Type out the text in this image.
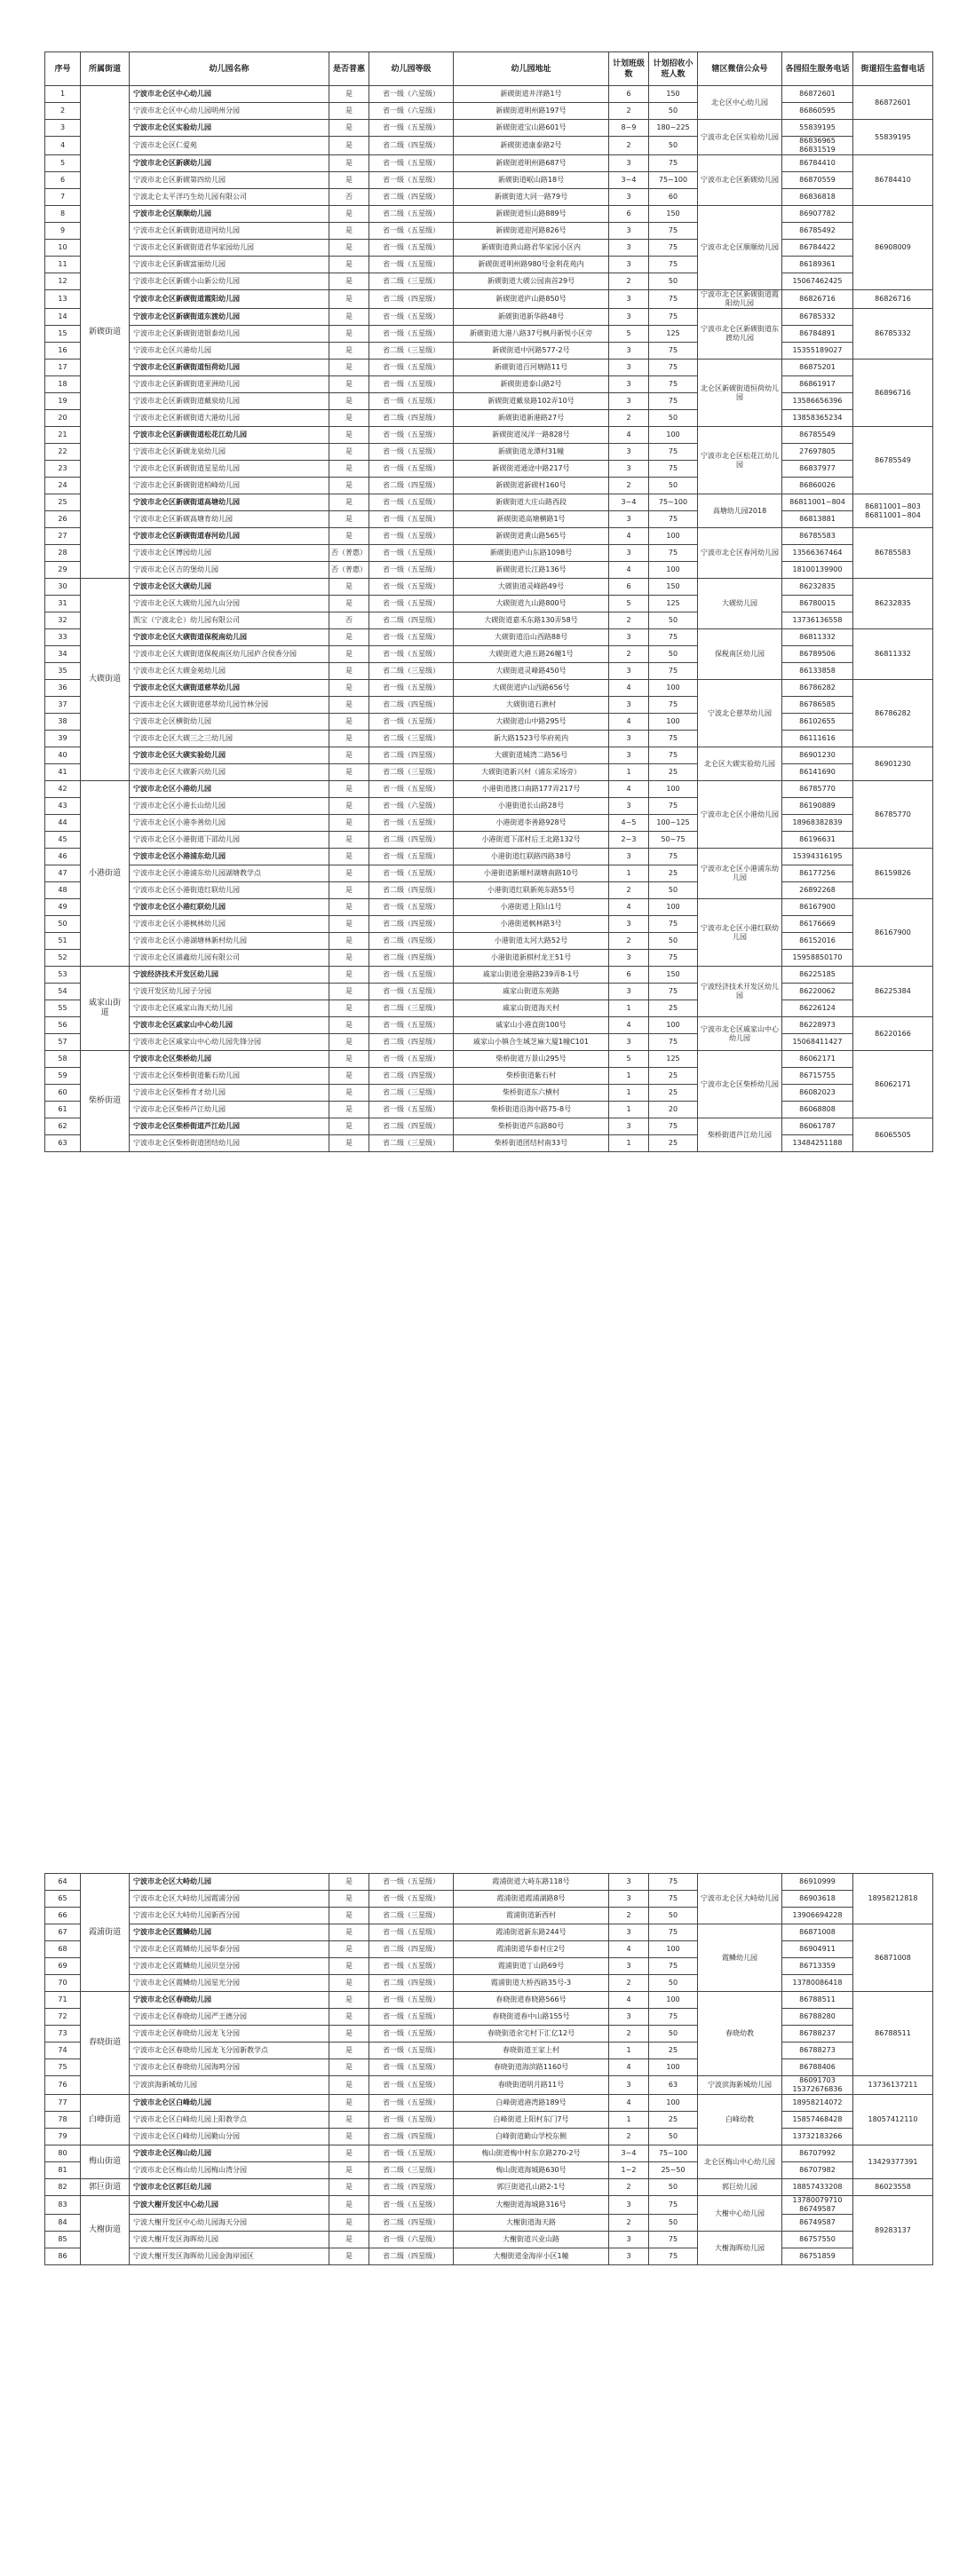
序号	所属街道	幼儿园名称	是否普惠	幼儿园等级	幼儿园地址	计划班级数	计划招收小班人数	辖区微信公众号	各园招生服务电话	街道招生监督电话
1	新碶街道	宁波市北仑区中心幼儿园	是	省一级（六星级）	新碶街道井洋路1号	6	150	北仑区中心幼儿园	86872601	86872601
2		宁波市北仑区中心幼儿园明州分园	是	省一级（六星级）	新碶街道明州路197号	2	50		86860595	
3		宁波市北仑区实验幼儿园	是	省一级（五星级）	新碶街道宝山路601号	8~9	180~225	宁波市北仑区实验幼儿园	55839195	55839195
4		宁波市北仑区仁爱苑	是	省二级（四星级）	新碶街道康泰路2号	2	50		86836965 86831519	
5		宁波市北仑区新碶幼儿园	是	省一级（五星级）	新碶街道明州路687号	3	75	宁波市北仑区新碶幼儿园	86784410	86784410
6		宁波市北仑区新碶第四幼儿园	是	省一级（五星级）	新碶街道岷山路18号	3~4	75~100		86870559	
7		宁波北仑太平洋巧生幼儿园有限公司	否	省二级（四星级）	新碶街道大同一路79号	3	60		86836818	
8		宁波市北仑区顺顺幼儿园	是	省二级（五星级）	新碶街道恒山路889号	6	150	宁波市北仑区顺顺幼儿园	86907782	86908009
9		宁波市北仑区新碶街道迎河幼儿园	是	省一级（五星级）	新碶街道迎河路826号	3	75		86785492	
10		宁波市北仑区新碶街道君华家园幼儿园	是	省一级（五星级）	新碶街道黄山路君华家园小区内	3	75		86784422	
11		宁波市北仑区新碶富丽幼儿园	是	省一级（五星级）	新碶街道明州路980号金利花苑内	3	75		86189361	
12		宁波市北仑区新碶小山新公幼儿园	是	省二级（三星级）	新碶街道大碶公园南首29号	2	50		15067462425	
13		宁波市北仑区新碶街道霞阳幼儿园	是	省二级（四星级）	新碶街道庐山路850号	3	75	宁波市北仑区新碶街道霞阳幼儿园	86826716	86826716
14		宁波市北仑区新碶街道东渡幼儿园	是	省一级（五星级）	新碶街道新华路48号	3	75	宁波市北仑区新碶街道东渡幼儿园	86785332	86785332
15		宁波市北仑区新碶街道银泰幼儿园	是	省一级（五星级）	新碶街道大港八路37号枫丹新悦小区旁	5	125		86784891	
16		宁波市北仑区兴港幼儿园	是	省二级（三星级）	新碶街道中河路577-2号	3	75		15355189027	
17		宁波市北仑区新碶街道恒荷幼儿园	是	省一级（五星级）	新碶街道百河塘路11号	3	75	北仑区新碶街道恒荷幼儿园	86875201	86896716
18		宁波市北仑区新碶街道亚洲幼儿园	是	省一级（五星级）	新碶街道泰山路2号	3	75		86861917	
19		宁波市北仑区新碶街道戴泉幼儿园	是	省一级（五星级）	新碶街道戴泉路102弄10号	3	75		13586656396	
20		宁波市北仑区新碶街道大港幼儿园	是	省二级（四星级）	新碶街道新港路27号	2	50		13858365234	
21		宁波市北仑区新碶街道松花江幼儿园	是	省一级（五星级）	新碶街道凤洋一路828号	4	100	宁波市北仑区松花江幼儿园	86785549	86785549
22		宁波市北仑区新碶龙泉幼儿园	是	省一级（五星级）	新碶街道龙潭村31幢	3	75		27697805	
23		宁波市北仑区新碶街道星星幼儿园	是	省一级（五星级）	新碶街道通途中路217号	3	75		86837977	
24		宁波市北仑区新碶街道柏峰幼儿园	是	省二级（四星级）	新碶街道新碶村160号	2	50		86860026	
25		宁波市北仑区新碶街道高塘幼儿园	是	省一级（五星级）	新碶街道大庄山路西段	3~4	75~100	高塘幼儿园2018	86811001~804	86811001~803 86811001~804
26		宁波市北仑区新碶高塘育幼儿园	是	省一级（五星级）	新碶街道高塘横路1号	3	75		86813881	
27		宁波市北仑区新碶街道春河幼儿园	是	省一级（五星级）	新碶街道黄山路565号	4	100	宁波市北仑区春河幼儿园	86785583	86785583
28		宁波市北仑区博园幼儿园	否（普惠）	省一级（五星级）	新碶街道庐山东路1098号	3	75		13566367464	
29		宁波市北仑区吉的堡幼儿园	否（普惠）	省一级（五星级）	新碶街道长江路136号	4	100		18100139900	
30	大碶街道	宁波市北仑区大碶幼儿园	是	省一级（五星级）	大碶街道灵峰路49号	6	150	大碶幼儿园	86232835	86232835
31		宁波市北仑区大碶幼儿园九山分园	是	省一级（五星级）	大碶街道九山路800号	5	125		86780015	
32		凯宝（宁波北仑）幼儿园有限公司	否	省二级（四星级）	大碶街道嘉禾东路130弄58号	2	50		13736136558	
33		宁波市北仑区大碶街道保税南幼儿园	是	省一级（五星级）	大碶街道沿山西路88号	3	75	保税南区幼儿园	86811332	86811332
34		宁波市北仑区大碶街道保税南区幼儿园庐合侯香分园	是	省一级（五星级）	大碶街道大港五路26幢1号	2	50		86789506	
35		宁波市北仑区大碶金苑幼儿园	是	省二级（三星级）	大碶街道灵峰路450号	3	75		86133858	
36		宁波市北仑区大碶街道慈萃幼儿园	是	省一级（五星级）	大碶街道庐山西路656号	4	100	宁波北仑慈萃幼儿园	86786282	86786282
37		宁波市北仑区大碶街道慈萃幼儿园竹林分园	是	省二级（四星级）	大碶街道石湫村	3	75		86786585	
38		宁波市北仑区横街幼儿园	是	省一级（五星级）	大碶街道山中路295号	4	100		86102655	
39		宁波市北仑区大碶三之三幼儿园	是	省二级（三星级）	新大路1523号华府苑内	3	75		86111616	
40		宁波市北仑区大碶实验幼儿园	是	省二级（四星级）	大碶街道城湾二路56号	3	75	北仑区大碶实验幼儿园	86901230	86901230
41		宁波市北仑区大碶新兴幼儿园	是	省二级（三星级）	大碶街道新兴村（浦东采场旁）	1	25		86141690	
42	小港街道	宁波市北仑区小港幼儿园	是	省一级（五星级）	小港街道渡口南路177弄217号	4	100	宁波市北仑区小港幼儿园	86785770	86785770
43		宁波市北仑区小港长山幼儿园	是	省一级（六星级）	小港街道长山路28号	3	75		86190889	
44		宁波市北仑区小港李善幼儿园	是	省一级（五星级）	小港街道李善路928号	4~5	100~125		18968382839	
45		宁波市北仑区小港街道下邵幼儿园	是	省二级（四星级）	小港街道下邵村后王北路132号	2~3	50~75		86196631	
46		宁波市北仑区小港浦东幼儿园	是	省一级（五星级）	小港街道红联路四路38号	3	75	宁波市北仑区小港浦东幼儿园	15394316195	86159826
47		宁波市北仑区小港浦东幼儿园湖塘教学点	是	省一级（五星级）	小港街道新堰村湖塘南路10号	1	25		86177256	
48		宁波市北仑区小港街道红联幼儿园	是	省二级（四星级）	小港街道红联新苑东路55号	2	50		26892268	
49		宁波市北仑区小港红联幼儿园	是	省一级（五星级）	小港街道上阳山1号	4	100	宁波市北仑区小港红联幼儿园	86167900	86167900
50		宁波市北仑区小港枫林幼儿园	是	省二级（四星级）	小港街道枫林路3号	3	75		86176669	
51		宁波市北仑区小港湖塘林新村幼儿园	是	省二级（四星级）	小港街道太河大路52号	2	50		86152016	
52		宁波市北仑区浦鑫幼儿园有限公司	是	省二级（四星级）	小港街道新棋村龙王51号	3	75		15958850170	
53	戚家山街道	宁波经济技术开发区幼儿园	是	省一级（五星级）	戚家山街道金港路239弄8-1号	6	150	宁波经济技术开发区幼儿园	86225185	86225384
54		宁波开发区幼儿园子分园	是	省一级（五星级）	戚家山街道东苑路	3	75		86220062	
55		宁波市北仑区戚家山海天幼儿园	是	省二级（三星级）	戚家山街道海天村	1	25		86226124	
56		宁波市北仑区戚家山中心幼儿园	是	省一级（五星级）	戚家山小港直街100号	4	100	宁波市北仑区戚家山中心幼儿园	86228973	86220166
57		宁波市北仑区戚家山中心幼儿园先锋分园	是	省二级（四星级）	戚家山小镇合生城芝麻大厦1幢C101	3	75		15068411427	
58	柴桥街道	宁波市北仑区柴桥幼儿园	是	省一级（五星级）	柴桥街道万景山295号	5	125	宁波市北仑区柴桥幼儿园	86062171	86062171
59		宁波市北仑区柴桥街道紫石幼儿园	是	省二级（四星级）	柴桥街道紫石村	1	25		86715755	
60		宁波市北仑区柴桥育才幼儿园	是	省二级（三星级）	柴桥街道东六横村	1	25		86082023	
61		宁波市北仑区柴桥芦江幼儿园	是	省一级（五星级）	柴桥街道沿海中路75-8号	1	20		86068808	
62		宁波市北仑区柴桥街道芦江幼儿园	是	省二级（四星级）	柴桥街道芦东路80号	3	75	柴桥街道芦江幼儿园	86061787	86065505
63		宁波市北仑区柴桥街道团结幼儿园	是	省二级（三星级）	柴桥街道团结村南33号	1	25		13484251188	
64	霞浦街道	宁波市北仑区大峙幼儿园	是	省一级（五星级）	霞浦街道大峙东路118号	3	75	宁波市北仑区大峙幼儿园	86910999	18958212818
65		宁波市北仑区大峙幼儿园霞浦分园	是	省一级（五星级）	霞浦街道霞浦湖路8号	3	75		86903618	
66		宁波市北仑区大峙幼儿园新西分园	是	省二级（三星级）	霞浦街道新西村	2	50		13906694228	
67		宁波市北仑区霞鳞幼儿园	是	省一级（五星级）	霞浦街道新东路244号	3	75	霞鳞幼儿园	86871008	86871008
68		宁波市北仑区霞鳞幼儿园华泰分园	是	省二级（四星级）	霞浦街道华泰村庄2号	4	100		86904911	
69		宁波市北仑区霞鳞幼儿园贝皇分园	是	省一级（五星级）	霞浦街道丁山路69号	3	75		86713359	
70		宁波市北仑区霞鳞幼儿园星光分园	是	省二级（四星级）	霞浦街道大桥西路35号-3	2	50		13780086418	
71	春晓街道	宁波市北仑区春晓幼儿园	是	省一级（五星级）	春晓街道春晓路566号	4	100	春晓幼教	86788511	86788511
72		宁波市北仑区春晓幼儿园严王德分园	是	省一级（五星级）	春晓街道春中山路155号	3	75		86788280	
73		宁波市北仑区春晓幼儿园龙飞分园	是	省一级（五星级）	春晓街道余宅村下汇亿12号	2	50		86788237	
74		宁波市北仑区春晓幼儿园龙飞分园新教学点	是	省一级（五星级）	春晓街道王家上村	1	25		86788273	
75		宁波市北仑区春晓幼儿园海鸣分园	是	省一级（五星级）	春晓街道海滨路1160号	4	100		86788406	
76		宁波滨海新城幼儿园	是	省一级（五星级）	春晓街道明月路11号	3	63	宁波滨海新城幼儿园	86091703 15372676836	13736137211
77	白峰街道	宁波市北仑区白峰幼儿园	是	省一级（五星级）	白峰街道港湾路189号	4	100	白峰幼教	18958214072	18057412110
78		宁波市北仑区白峰幼儿园上阳教学点	是	省一级（五星级）	白峰街道上阳村东门7号	1	25		15857468428	
79		宁波市北仑区白峰幼儿园勤山分园	是	省二级（四星级）	白峰街道勤山学校东侧	2	50		13732183266	
80	梅山街道	宁波市北仑区梅山幼儿园	是	省一级（五星级）	梅山街道梅中村东京路270-2号	3~4	75~100	北仑区梅山中心幼儿园	86707992	13429377391
81		宁波市北仑区梅山幼儿园梅山湾分园	是	省二级（三星级）	梅山街道海城路630号	1~2	25~50		86707982	
82	郭巨街道	宁波市北仑区郭巨幼儿园	是	省二级（四星级）	郭巨街道孔山路2-1号	2	50	郭巨幼儿园	18857433208	86023558
83	大榭街道	宁波大榭开发区中心幼儿园	是	省一级（五星级）	大榭街道海城路316号	3	75	大榭中心幼儿园	13780079710 86749587	89283137
84		宁波大榭开发区中心幼儿园海天分园	是	省二级（四星级）	大榭街道海天路	2	50		86749587	
85		宁波大榭开发区海晖幼儿园	是	省一级（六星级）	大榭街道兴业山路	3	75	大榭海晖幼儿园	86757550	
86		宁波大榭开发区海晖幼儿园金海岸园区	是	省二级（四星级）	大榭街道金海岸小区1幢	3	75		86751859	
